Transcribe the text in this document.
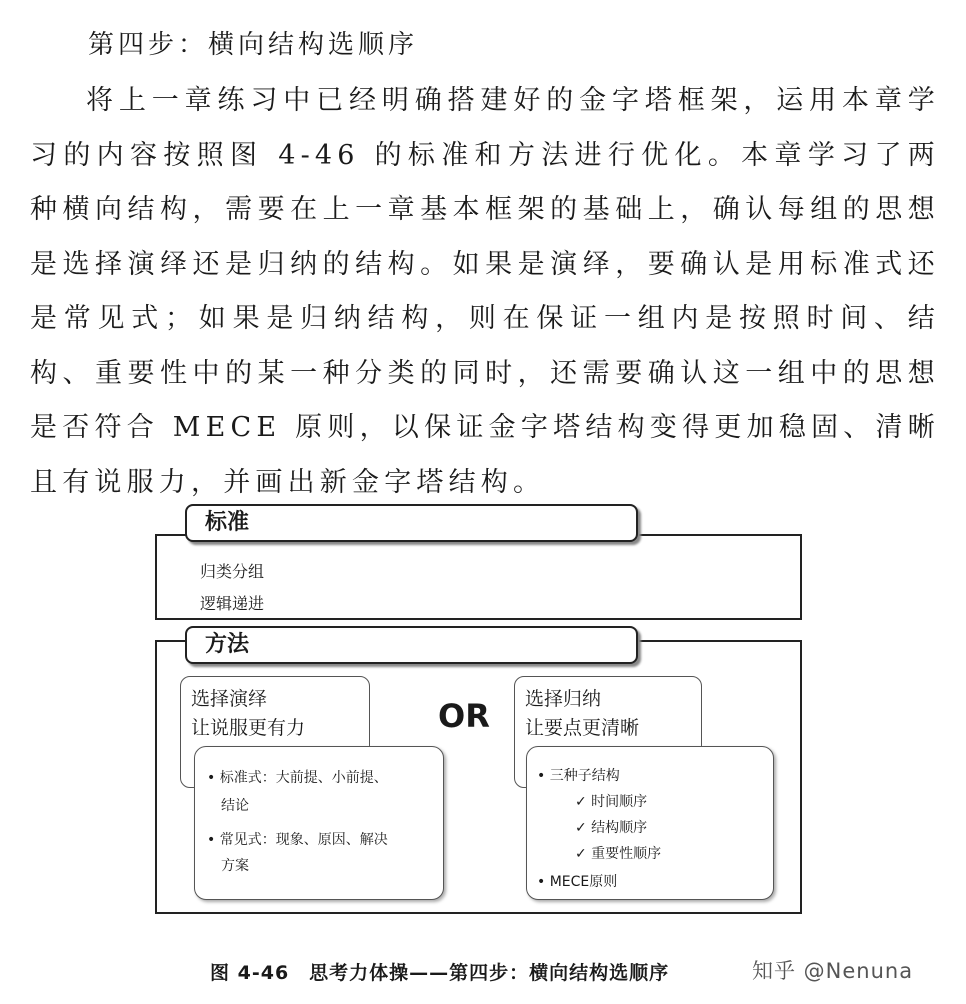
第四步：横向结构选顺序
将上一章练习中已经明确搭建好的金字塔框架，运用本章学习的内容按照图 4-46 的标准和方法进行优化。本章学习了两种横向结构，需要在上一章基本框架的基础上，确认每组的思想是选择演绎还是归纳的结构。如果是演绎，要确认是用标准式还是常见式；如果是归纳结构，则在保证一组内是按照时间、结构、重要性中的某一种分类的同时，还需要确认这一组中的思想是否符合 MECE 原则，以保证金字塔结构变得更加稳固、清晰且有说服力，并画出新金字塔结构。
标准
归类分组
逻辑递进
方法
选择演绎
让说服更有力
• 标准式：大前提、小前提、
结论
• 常见式：现象、原因、解决
方案
OR 选择归纳
让要点更清晰
• 三种子结构
✓ 时间顺序
✓ 结构顺序
✓ 重要性顺序
• MECE原则
图 4-46　思考力体操——第四步：横向结构选顺序	知乎 @Nenuna
